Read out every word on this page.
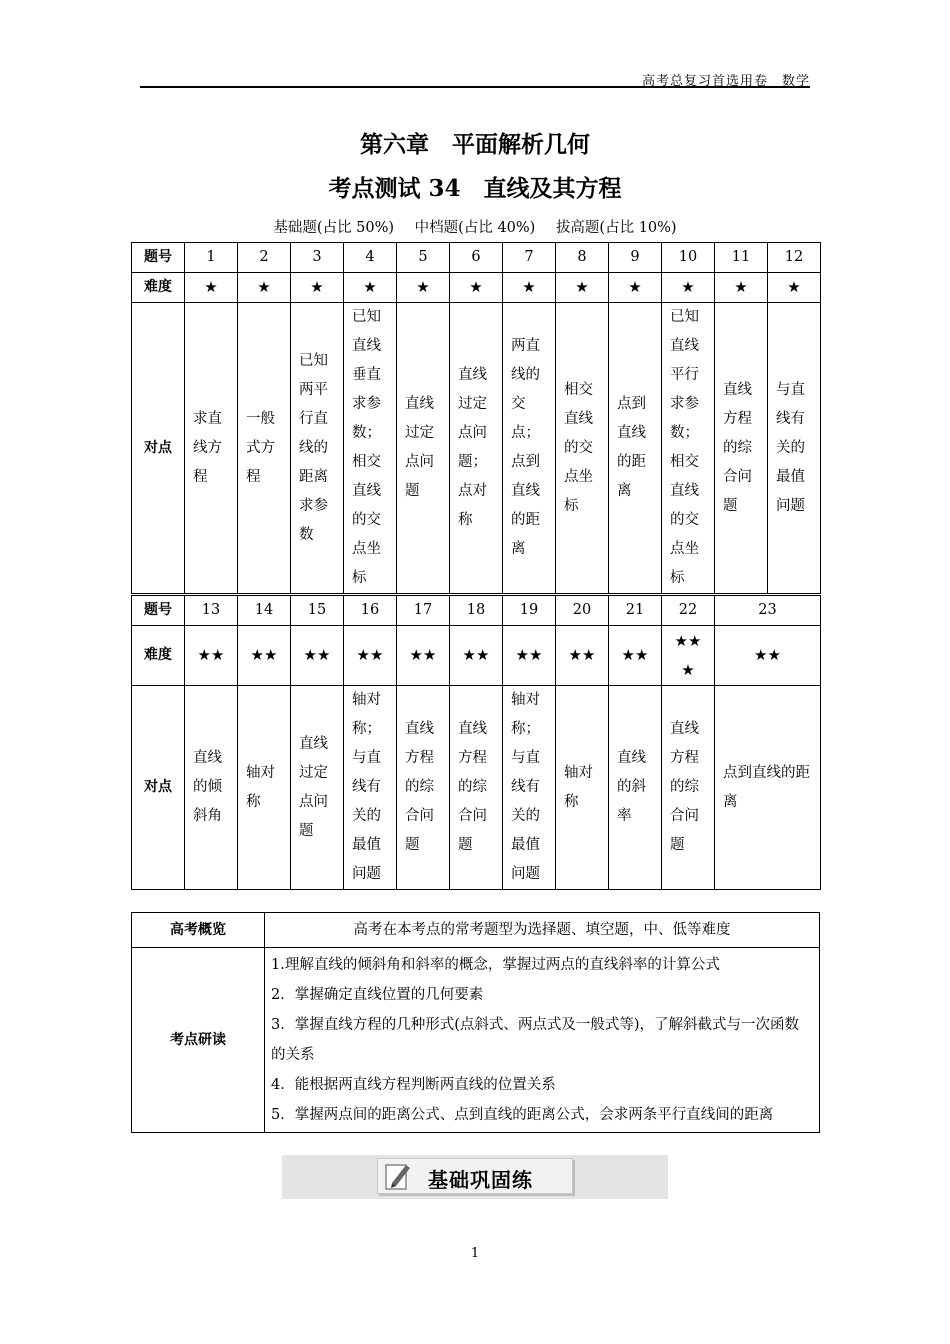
高考总复习首选用卷　数学
第六章　平面解析几何
考点测试 34　直线及其方程
基础题(占比 50%) 中档题(占比 40%) 拔高题(占比 10%)
题号	1	2	3	4	5	6	7	8	9	10	11	12
难度	★	★	★	★	★	★	★	★	★	★	★	★
对点	求直线方程	一般式方程	已知两平行直线的距离求参数	已知直线垂直求参数；相交直线的交点坐标	直线过定点问题	直线过定点问题；点对称	两直线的交点；点到直线的距离	相交直线的交点坐标	点到直线的距离	已知直线平行求参数；相交直线的交点坐标	直线方程的综合问题	与直线有关的最值问题
题号	13	14	15	16	17	18	19	20	21	22	23	
难度	★★	★★	★★	★★	★★	★★	★★	★★	★★	★★★	★★	
对点	直线的倾斜角	轴对称	直线过定点问题	轴对称；与直线有关的最值问题	直线方程的综合问题	直线方程的综合问题	轴对称；与直线有关的最值问题	轴对称	直线的斜率	直线方程的综合问题	点到直线的距离	
高考概览	高考在本考点的常考题型为选择题、填空题，中、低等难度
考点研读	1.理解直线的倾斜角和斜率的概念，掌握过两点的直线斜率的计算公式
2．掌握确定直线位置的几何要素
3．掌握直线方程的几种形式(点斜式、两点式及一般式等)，了解斜截式与一次函数的关系
4．能根据两直线方程判断两直线的位置关系
5．掌握两点间的距离公式、点到直线的距离公式，会求两条平行直线间的距离
基础巩固练
1
